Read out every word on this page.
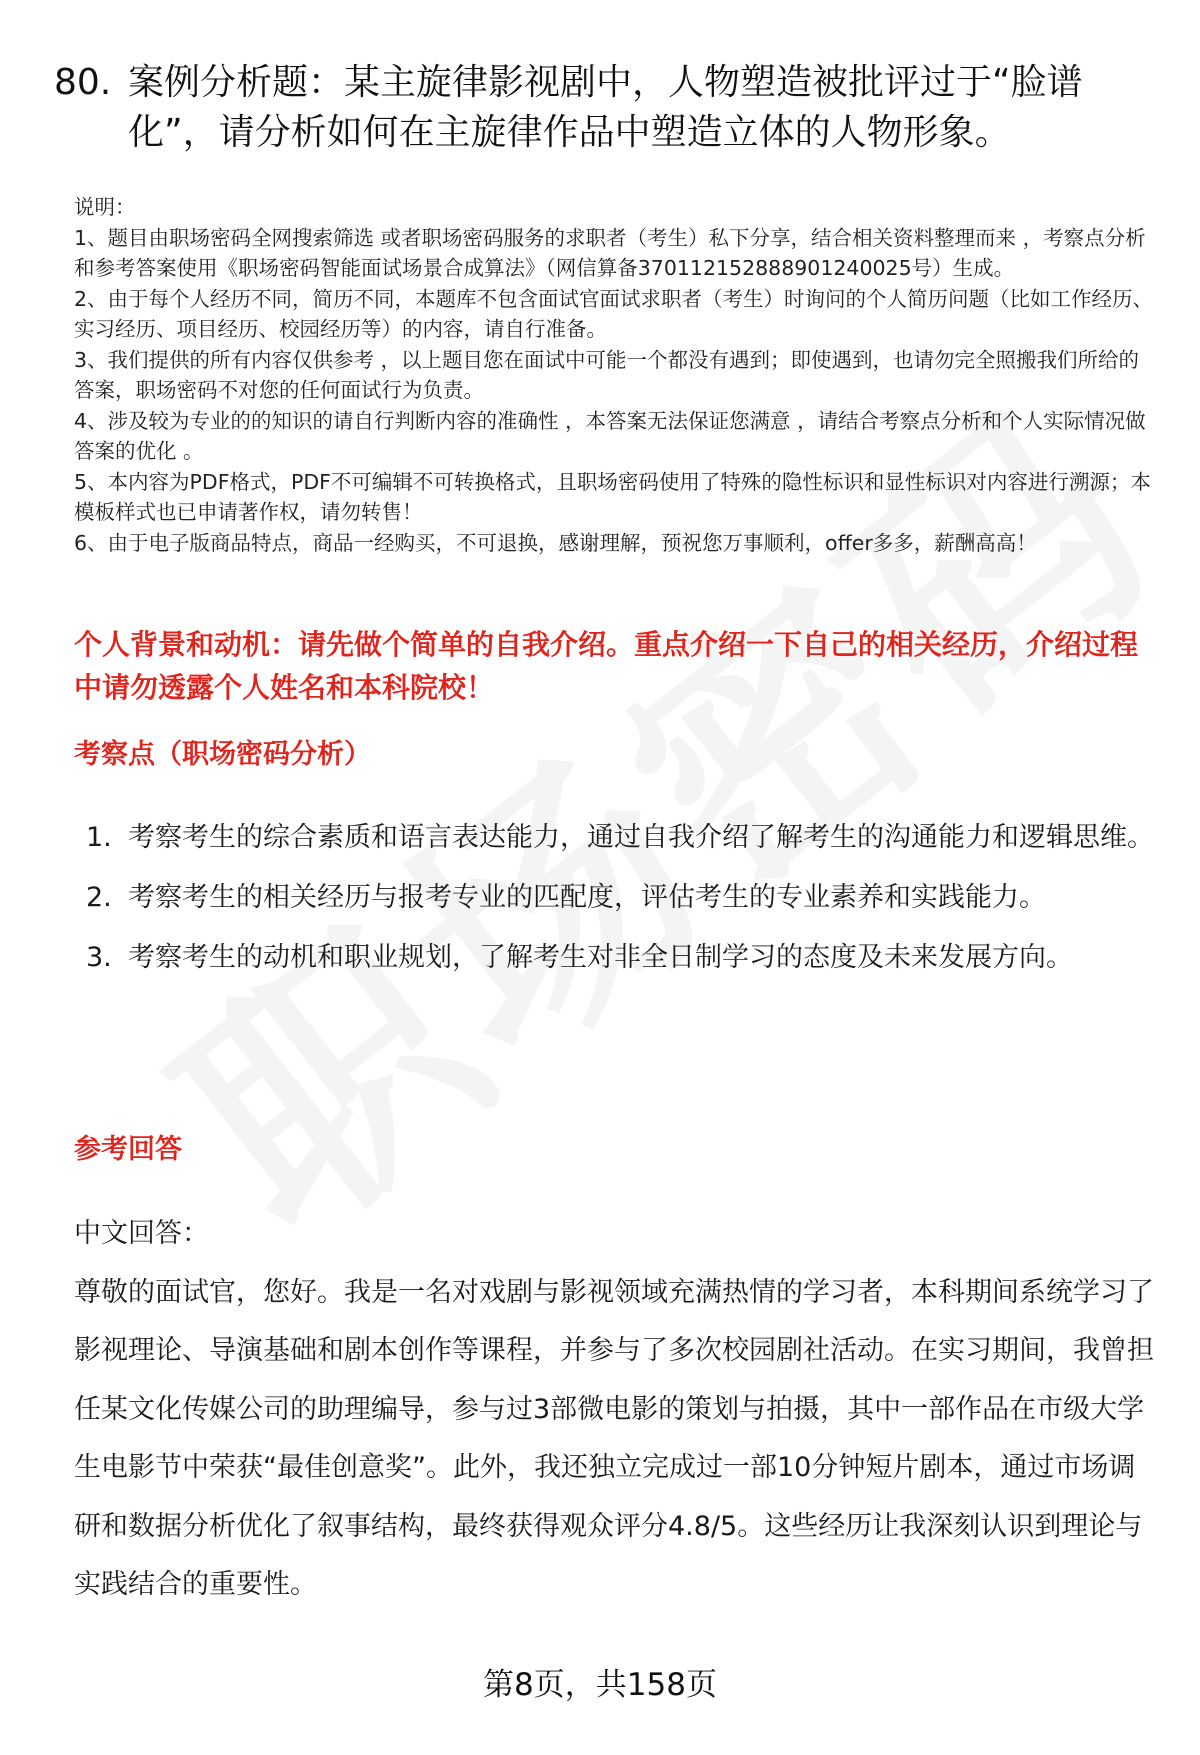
80. 案例分析题：某主旋律影视剧中，人物塑造被批评过于“脸谱化”，请分析如何在主旋律作品中塑造立体的人物形象。

说明：

1、题目由职场密码全网搜索筛选 或者职场密码服务的求职者（考生）私下分享，结合相关资料整理而来 ，考察点分析和参考答案使用《职场密码智能面试场景合成算法》（网信算备370112152888901240025号）生成。

2、由于每个人经历不同，简历不同，本题库不包含面试官面试求职者（考生）时询问的个人简历问题（比如工作经历、实习经历、项目经历、校园经历等）的内容，请自行准备。

3、我们提供的所有内容仅供参考 ，以上题目您在面试中可能一个都没有遇到；即使遇到，也请勿完全照搬我们所给的答案，职场密码不对您的任何面试行为负责。

4、涉及较为专业的的知识的请自行判断内容的准确性 ，本答案无法保证您满意 ，请结合考察点分析和个人实际情况做答案的优化 。

5、本内容为PDF格式，PDF不可编辑不可转换格式，且职场密码使用了特殊的隐性标识和显性标识对内容进行溯源；本模板样式也已申请著作权，请勿转售！

6、由于电子版商品特点，商品一经购买，不可退换，感谢理解，预祝您万事顺利，offer多多，薪酬高高！

个人背景和动机：请先做个简单的自我介绍。重点介绍一下自己的相关经历，介绍过程中请勿透露个人姓名和本科院校！
考察点（职场密码分析）
1. 考察考生的综合素质和语言表达能力，通过自我介绍了解考生的沟通能力和逻辑思维。
2. 考察考生的相关经历与报考专业的匹配度，评估考生的专业素养和实践能力。
3. 考察考生的动机和职业规划，了解考生对非全日制学习的态度及未来发展方向。
参考回答

中文回答：

尊敬的面试官，您好。我是一名对戏剧与影视领域充满热情的学习者，本科期间系统学习了影视理论、导演基础和剧本创作等课程，并参与了多次校园剧社活动。在实习期间，我曾担任某文化传媒公司的助理编导，参与过3部微电影的策划与拍摄，其中一部作品在市级大学生电影节中荣获“最佳创意奖”。此外，我还独立完成过一部10分钟短片剧本，通过市场调研和数据分析优化了叙事结构，最终获得观众评分4.8/5。这些经历让我深刻认识到理论与实践结合的重要性。

第8页，共158页
